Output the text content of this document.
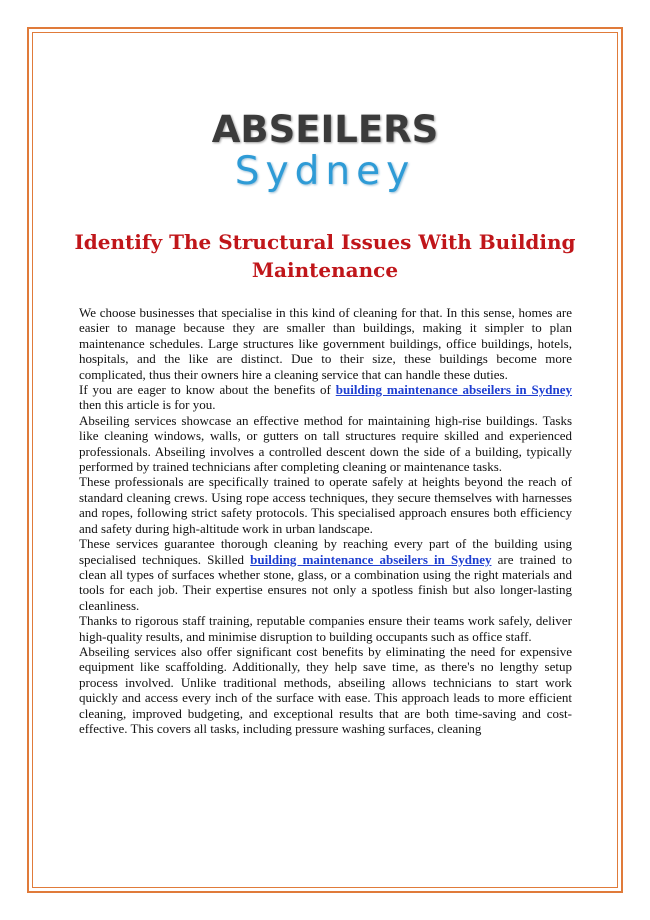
ABSEILERS
Sydney
Identify The Structural Issues With Building Maintenance

We choose businesses that specialise in this kind of cleaning for that. In this sense, homes are easier to manage because they are smaller than buildings, making it simpler to plan maintenance schedules. Large structures like government buildings, office buildings, hotels, hospitals, and the like are distinct. Due to their size, these buildings become more complicated, thus their owners hire a cleaning service that can handle these duties.

If you are eager to know about the benefits of building maintenance abseilers in Sydney then this article is for you.

Abseiling services showcase an effective method for maintaining high-rise buildings. Tasks like cleaning windows, walls, or gutters on tall structures require skilled and experienced professionals. Abseiling involves a controlled descent down the side of a building, typically performed by trained technicians after completing cleaning or maintenance tasks.

These professionals are specifically trained to operate safely at heights beyond the reach of standard cleaning crews. Using rope access techniques, they secure themselves with harnesses and ropes, following strict safety protocols. This specialised approach ensures both efficiency and safety during high-altitude work in urban landscape.

These services guarantee thorough cleaning by reaching every part of the building using specialised techniques. Skilled building maintenance abseilers in Sydney are trained to clean all types of surfaces whether stone, glass, or a combination using the right materials and tools for each job. Their expertise ensures not only a spotless finish but also longer-lasting cleanliness.

Thanks to rigorous staff training, reputable companies ensure their teams work safely, deliver high-quality results, and minimise disruption to building occupants such as office staff.

Abseiling services also offer significant cost benefits by eliminating the need for expensive equipment like scaffolding. Additionally, they help save time, as there's no lengthy setup process involved. Unlike traditional methods, abseiling allows technicians to start work quickly and access every inch of the surface with ease. This approach leads to more efficient cleaning, improved budgeting, and exceptional results that are both time-saving and cost-effective. This covers all tasks, including pressure washing surfaces, cleaning
